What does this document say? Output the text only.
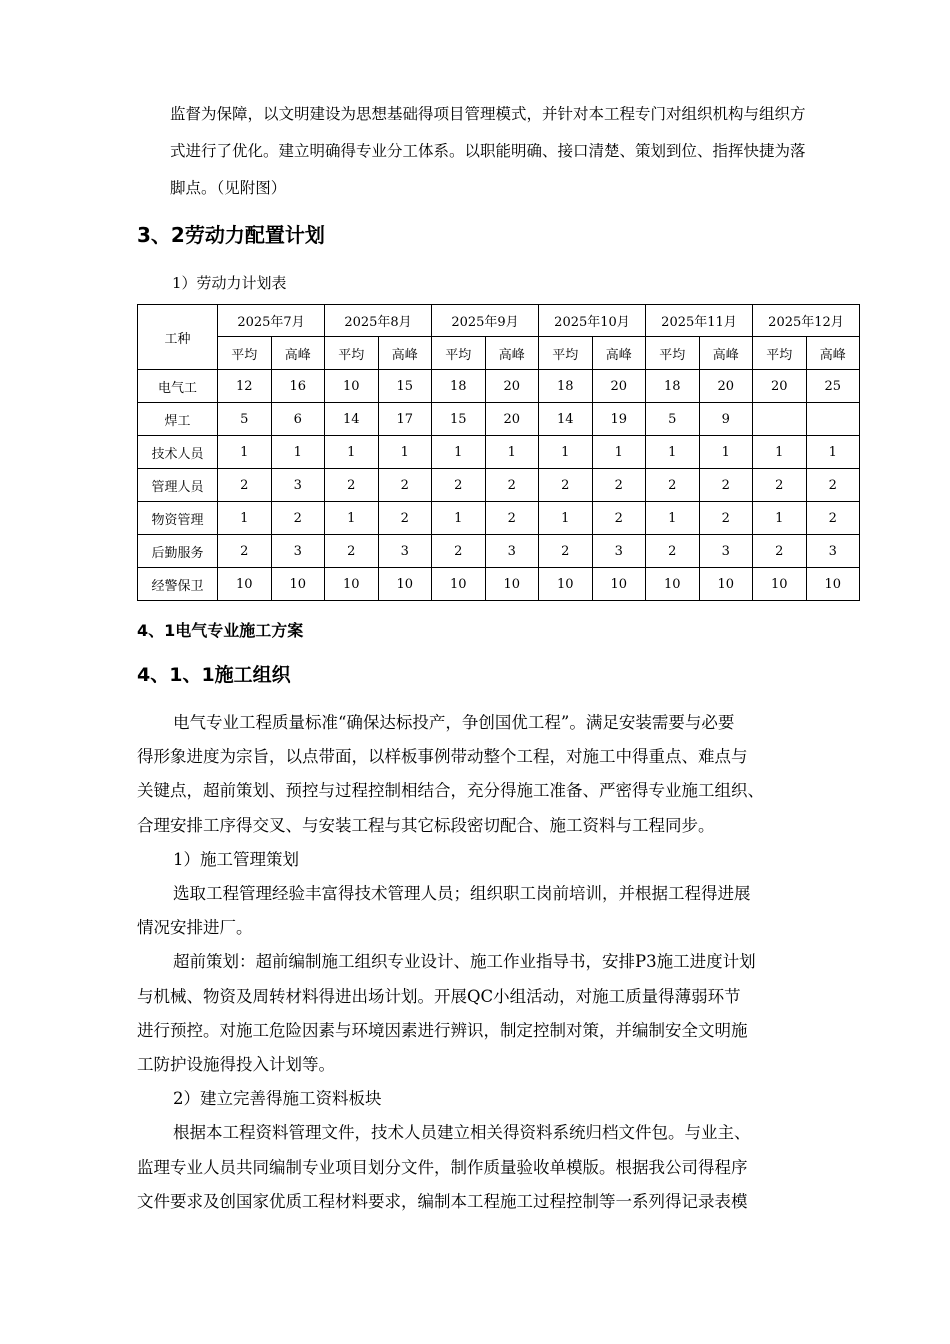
监督为保障，以文明建设为思想基础得项目管理模式，并针对本工程专门对组织机构与组织方
式进行了优化。建立明确得专业分工体系。以职能明确、接口清楚、策划到位、指挥快捷为落
脚点。（见附图）
3、2劳动力配置计划

1）劳动力计划表

工种	2025年7月		2025年8月		2025年9月		2025年10月		2025年11月		2025年12月	
	平均	高峰	平均	高峰	平均	高峰	平均	高峰	平均	高峰	平均	高峰
电气工	12	16	10	15	18	20	18	20	18	20	20	25
焊工	5	6	14	17	15	20	14	19	5	9		
技术人员	1	1	1	1	1	1	1	1	1	1	1	1
管理人员	2	3	2	2	2	2	2	2	2	2	2	2
物资管理	1	2	1	2	1	2	1	2	1	2	1	2
后勤服务	2	3	2	3	2	3	2	3	2	3	2	3
经警保卫	10	10	10	10	10	10	10	10	10	10	10	10
4、1电气专业施工方案
4、1、1施工组织
电气专业工程质量标准“确保达标投产，争创国优工程”。满足安装需要与必要
得形象进度为宗旨，以点带面，以样板事例带动整个工程，对施工中得重点、难点与
关键点，超前策划、预控与过程控制相结合，充分得施工准备、严密得专业施工组织、
合理安排工序得交叉、与安装工程与其它标段密切配合、施工资料与工程同步。
1）施工管理策划
选取工程管理经验丰富得技术管理人员；组织职工岗前培训，并根据工程得进展
情况安排进厂。
超前策划：超前编制施工组织专业设计、施工作业指导书，安排P3施工进度计划
与机械、物资及周转材料得进出场计划。开展QC小组活动，对施工质量得薄弱环节
进行预控。对施工危险因素与环境因素进行辨识，制定控制对策，并编制安全文明施
工防护设施得投入计划等。
2）建立完善得施工资料板块
根据本工程资料管理文件，技术人员建立相关得资料系统归档文件包。与业主、
监理专业人员共同编制专业项目划分文件，制作质量验收单模版。根据我公司得程序
文件要求及创国家优质工程材料要求，编制本工程施工过程控制等一系列得记录表模
